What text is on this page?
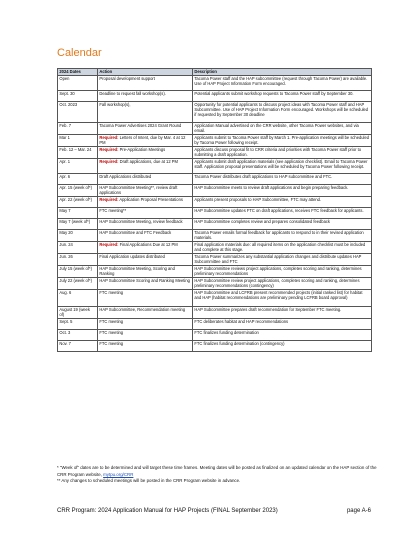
Calendar
2024 Dates	Action	Description
Open	Proposal development support	Tacoma Power staff and the HAP subcommittee (request through Tacoma Power) are available. Use of HAP Project Information Form encouraged.
Sept. 30	Deadline to request fall workshop(s).	Potential applicants submit workshop requests to Tacoma Power staff by September 30.
Oct. 2023	Fall workshop(s),	Opportunity for potential applicants to discuss project ideas with Tacoma Power staff and HAP Subcommittee. Use of HAP Project Information Form encouraged. Workshops will be scheduled if requested by September 30 deadline
Feb. 7	Tacoma Power Advertises 2024 Grant Round	Application Manual advertised on the CRR website, other Tacoma Power websites, and via email.
Mar 1	Required: Letters of Intent, due by Mar. 4 at 12 PM	Applicants submit to Tacoma Power staff by March 1. Pre-application meetings will be scheduled by Tacoma Power following receipt.
Feb. 12 – Mar. 24	Required: Pre-Application Meetings	Applicants discuss proposal fit to CRR criteria and priorities with Tacoma Power staff prior to submitting a draft application.
Apr. 1	Required: Draft applications, due at 12 PM	Applicants submit draft application materials (see application checklist). Email to Tacoma Power staff. Application proposal presentations will be scheduled by Tacoma Power following receipt.
Apr. 6	Draft Applications distributed	Tacoma Power distributes draft applications to HAP subcommittee and FTC.
Apr. 15 (week of*)	HAP Subcommittee Meeting**, review draft applications	HAP Subcommittee meets to review draft applications and begin preparing feedback.
Apr. 22 (week of*)	Required: Application Proposal Presentations	Applicants present proposals to HAP Subcommittee, FTC may attend.
May 7	FTC meeting**	HAP Subcommittee updates FTC on draft applications, receives FTC feedback for applicants.
May 7 (week of*)	HAP Subcommittee Meeting, review feedback	HAP Subcommittee completes review and prepares consolidated feedback
May 20	HAP Subcommittee and FTC Feedback	Tacoma Power emails formal feedback for applicants to respond to in their revised application materials.
Jun. 24	Required: Final Applications Due at 12 PM	Final application materials due: all required items on the application checklist must be included and complete at this stage.
Jun. 26	Final Application updates distributed	Tacoma Power summarizes any substantial application changes and distribute updates HAP Subcommittee and FTC
July 15 (week of*)	HAP Subcommittee Meeting, Scoring and Ranking	HAP Subcommittee reviews project applications, completes scoring and ranking, determines preliminary recommendations
July 22 (week of*)	HAP Subcommittee Scoring and Ranking Meeting	HAP Subcommittee review project applications, completes scoring and ranking, determines preliminary recommendations (contingency)
Aug. 6	FTC meeting	HAP Subcommittee and LCFRB present recommended projects (initial ranked list) for habitat and HAP (habitat recommendations are preliminary pending LCFRB board approval)
August 19 (week of)	HAP Subcommittee, Recommendation meeting	HAP Subcommittee prepares draft recommendation for September FTC meeting.
Sept. 5	FTC meeting	FTC deliberates habitat and HAP recommendations
Oct. 3	FTC meeting	FTC finalizes funding determination
Nov. 7	FTC meeting	FTC finalizes funding determination (contingency)
* "Week of" dates are to be determined and will target these time frames. Meeting dates will be posted as finalized on an updated calendar on the HAP section of the CRR Program website, mytpu.org/CRR
** Any changes to scheduled meetings will be posted in the CRR Program website in advance.
CRR Program: 2024 Application Manual for HAP Projects (FINAL September 2023)	page A-6
